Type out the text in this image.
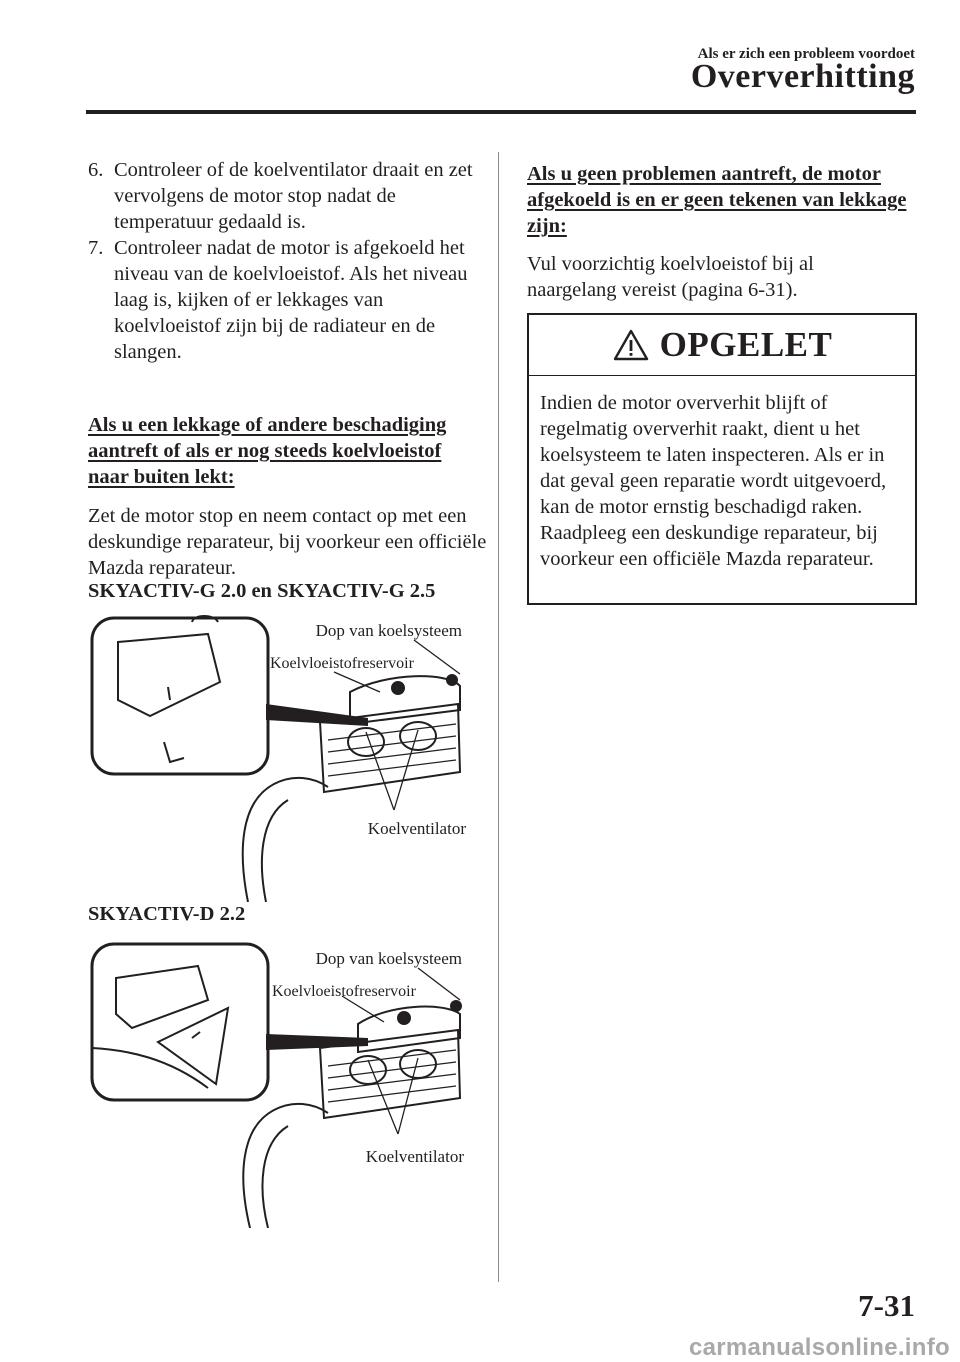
Als er zich een probleem voordoet
Oververhitting
6. Controleer of de koelventilator draait en zet vervolgens de motor stop nadat de temperatuur gedaald is.
7. Controleer nadat de motor is afgekoeld het niveau van de koelvloeistof. Als het niveau laag is, kijken of er lekkages van koelvloeistof zijn bij de radiateur en de slangen.
Als u een lekkage of andere beschadiging aantreft of als er nog steeds koelvloeistof naar buiten lekt:
Zet de motor stop en neem contact op met een deskundige reparateur, bij voorkeur een officiële Mazda reparateur.
SKYACTIV-G 2.0 en SKYACTIV-G 2.5
Dop van koelsysteem
Koelvloeistofreservoir
Koelventilator
SKYACTIV-D 2.2
Dop van koelsysteem
Koelvloeistofreservoir
Koelventilator
Als u geen problemen aantreft, de motor afgekoeld is en er geen tekenen van lekkage zijn:
Vul voorzichtig koelvloeistof bij al naargelang vereist (pagina 6-31).
OPGELET
Indien de motor oververhit blijft of regelmatig oververhit raakt, dient u het koelsysteem te laten inspecteren. Als er in dat geval geen reparatie wordt uitgevoerd, kan de motor ernstig beschadigd raken. Raadpleeg een deskundige reparateur, bij voorkeur een officiële Mazda reparateur.
7-31
carmanualsonline.info
